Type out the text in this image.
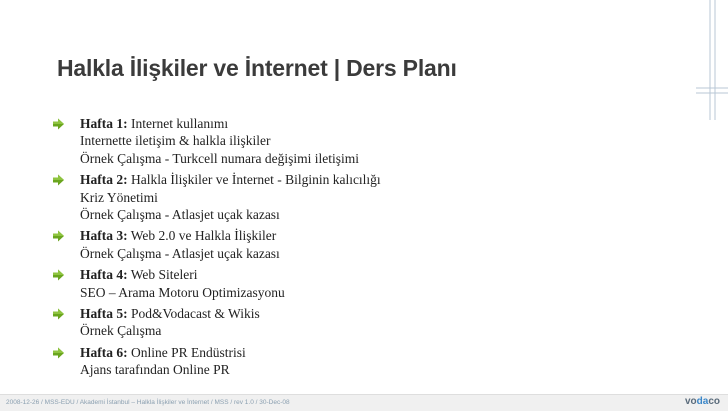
Halkla İlişkiler ve İnternet | Ders Planı
Hafta 1: Internet kullanımı
Internette iletişim & halkla ilişkiler
Örnek Çalışma - Turkcell numara değişimi iletişimi
Hafta 2: Halkla İlişkiler ve İnternet - Bilginin kalıcılığı
Kriz Yönetimi
Örnek Çalışma - Atlasjet uçak kazası
Hafta 3: Web 2.0 ve Halkla İlişkiler
Örnek Çalışma - Atlasjet uçak kazası
Hafta 4: Web Siteleri
SEO – Arama Motoru Optimizasyonu
Hafta 5: Pod&Vodacast & Wikis
Örnek Çalışma
Hafta 6: Online PR Endüstrisi
Ajans tarafından Online PR
2008-12-26 / MSS-EDU / Akademi İstanbul – Halkla İlişkiler ve İnternet / MSS / rev 1.0 / 30-Dec-08	vodaco
